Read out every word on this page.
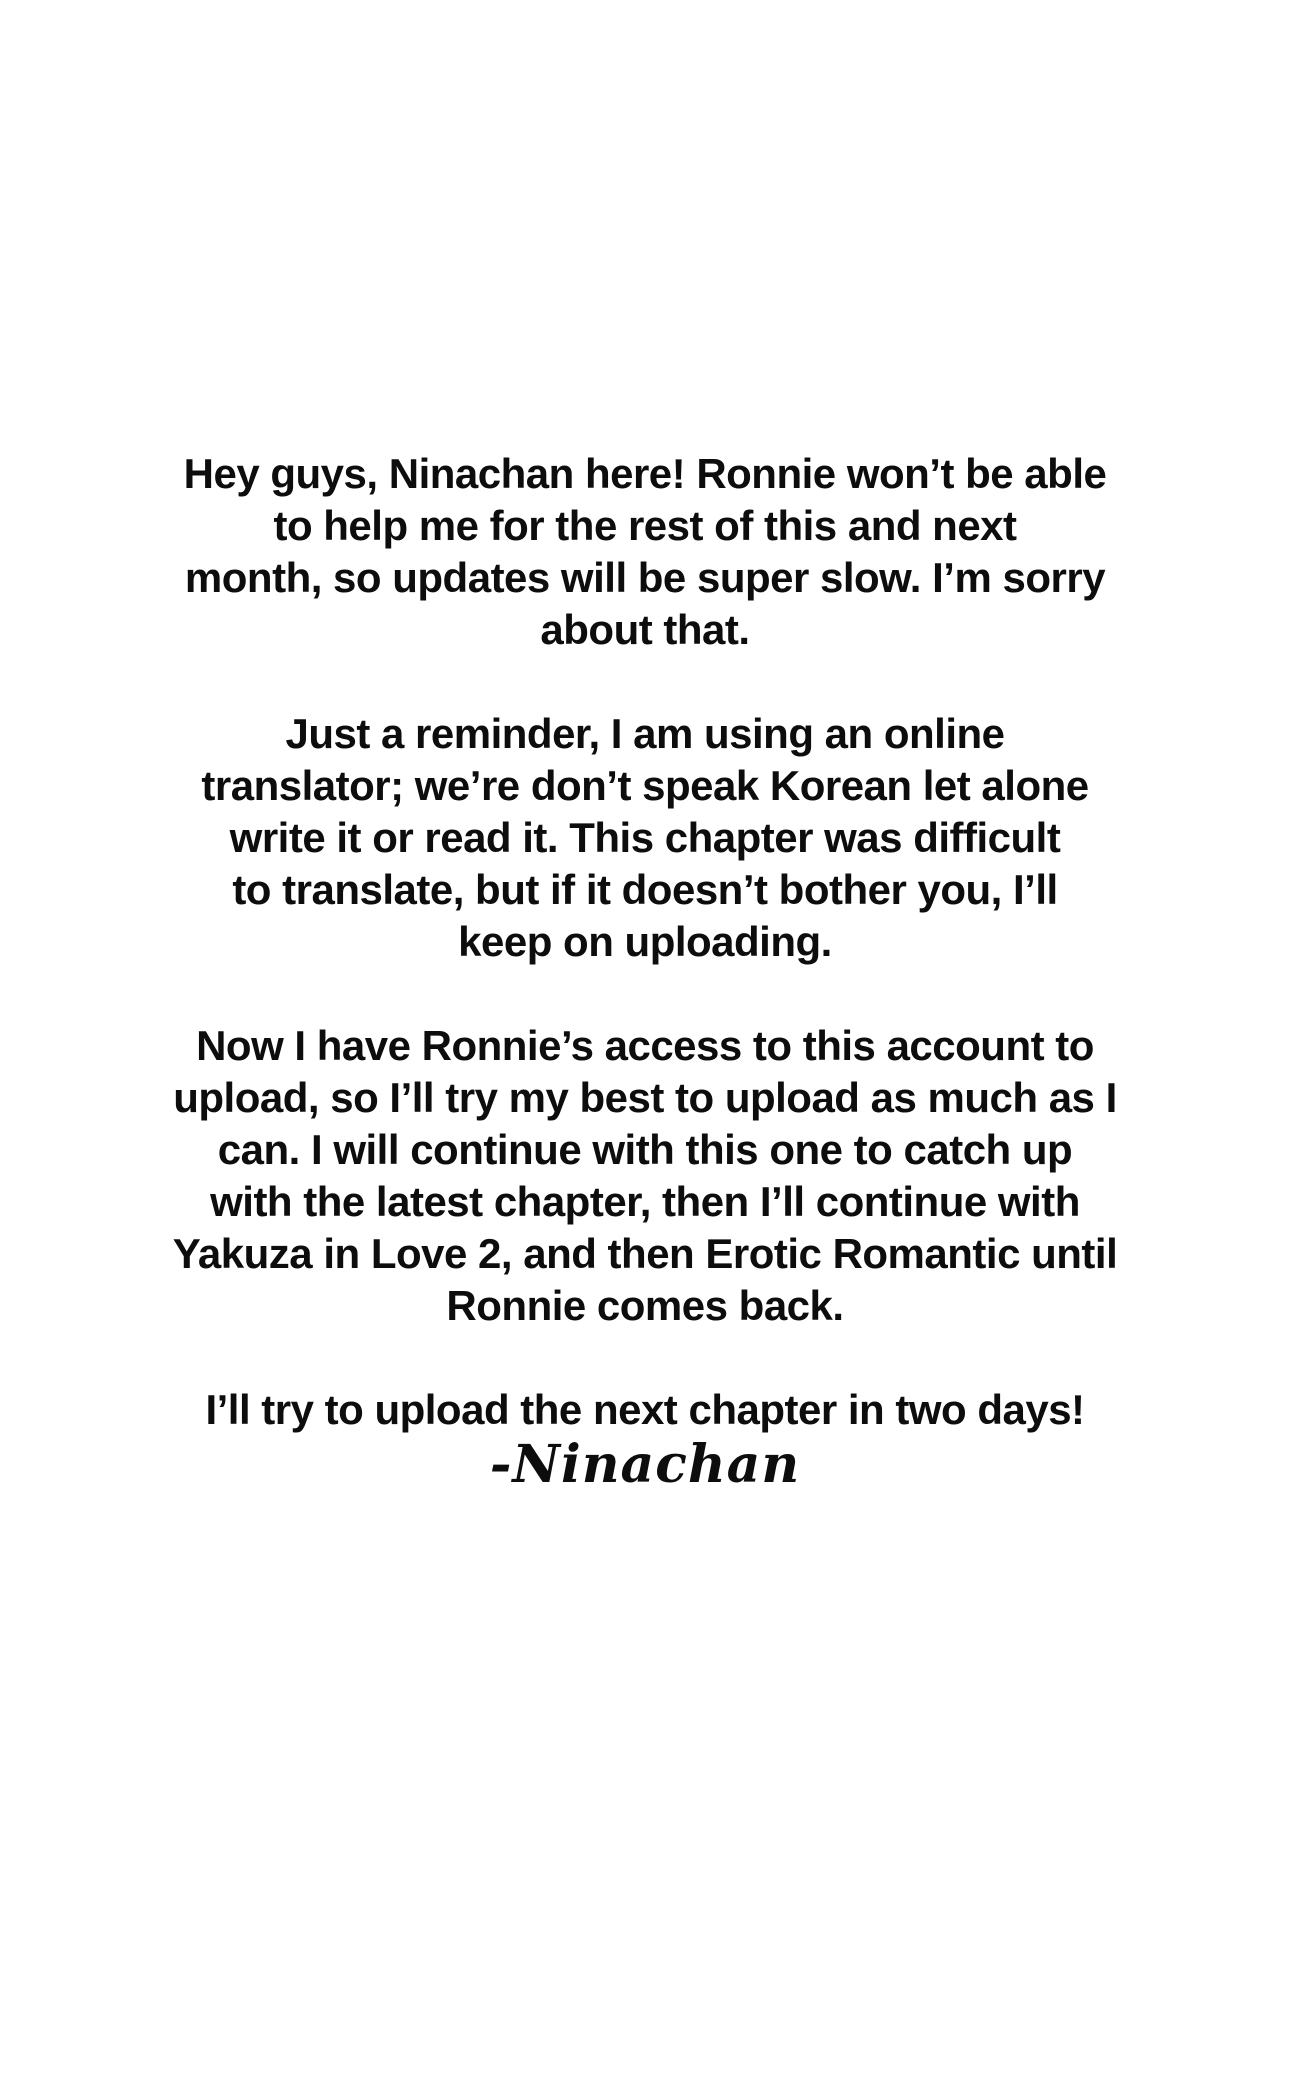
Hey guys, Ninachan here! Ronnie won’t be able
to help me for the rest of this and next
month, so updates will be super slow. I’m sorry
about that.

Just a reminder, I am using an online
translator; we’re don’t speak Korean let alone
write it or read it. This chapter was difficult
to translate, but if it doesn’t bother you, I’ll
keep on uploading.

Now I have Ronnie’s access to this account to
upload, so I’ll try my best to upload as much as I
can. I will continue with this one to catch up
with the latest chapter, then I’ll continue with
Yakuza in Love 2, and then Erotic Romantic until
Ronnie comes back.

I’ll try to upload the next chapter in two days!

-Ninachan
